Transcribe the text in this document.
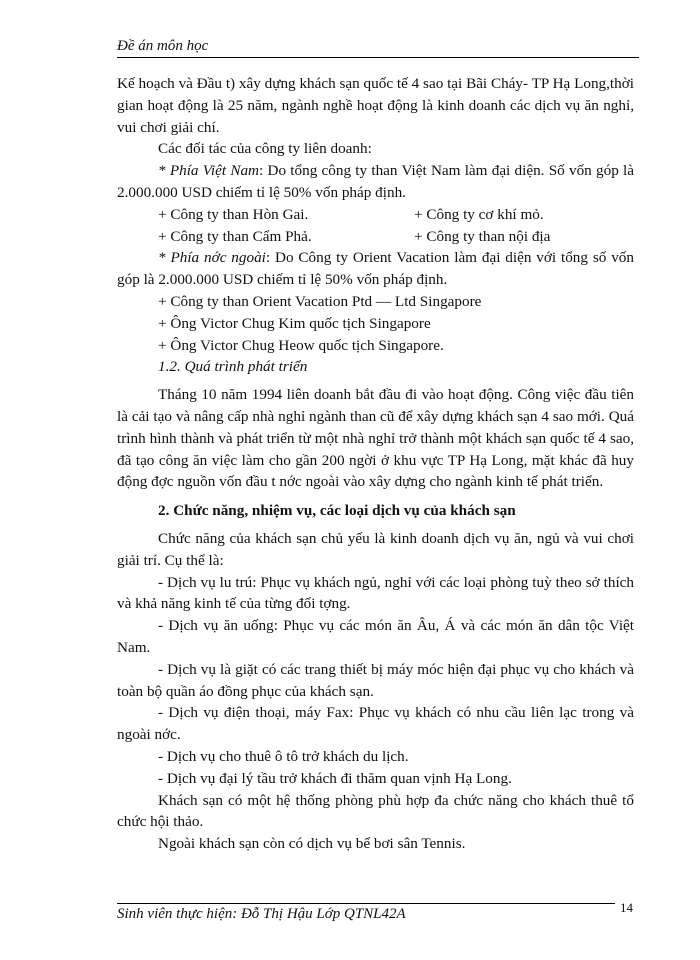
Đề án môn học

Kế hoạch và Đầu t) xây dựng khách sạn quốc tế 4 sao tại Bãi Cháy- TP Hạ Long,thời gian hoạt động là 25 năm, ngành nghề hoạt động là kinh doanh các dịch vụ ăn nghỉ, vui chơi giải chí.

Các đối tác của công ty liên doanh:

* Phía Việt Nam: Do tổng công ty than Việt Nam làm đại diện. Số vốn góp là 2.000.000 USD chiếm tỉ lệ 50% vốn pháp định.

+ Công ty than Hòn Gai.	+ Công ty cơ khí mỏ.
+ Công ty than Cẩm Phả.	+ Công ty than nội địa

* Phía nớc ngoài: Do Công ty Orient Vacation làm đại diện với tổng số vốn góp là 2.000.000 USD chiếm tỉ lệ 50% vốn pháp định.

+ Công ty than Orient Vacation Ptd — Ltd Singapore

+ Ông Victor Chug Kim quốc tịch Singapore

+ Ông Victor Chug Heow quốc tịch Singapore.

1.2. Quá trình phát triển

Tháng 10 năm 1994 liên doanh bắt đầu đi vào hoạt động. Công việc đầu tiên là cải tạo và nâng cấp nhà nghỉ ngành than cũ để xây dựng khách sạn 4 sao mới. Quá trình hình thành và phát triển từ một nhà nghỉ trở thành một khách sạn quốc tế 4 sao, đã tạo công ăn việc làm cho gần 200 ngời ở khu vực TP Hạ Long, mặt khác đã huy động đợc nguồn vốn đầu t nớc ngoài vào xây dựng cho ngành kinh tế phát triển.

2. Chức năng, nhiệm vụ, các loại dịch vụ của khách sạn

Chức năng của khách sạn chủ yếu là kinh doanh dịch vụ ăn, ngủ và vui chơi giải trí. Cụ thể là:

- Dịch vụ lu trú: Phục vụ khách ngủ, nghỉ với các loại phòng tuỳ theo sở thích và khả năng kinh tế của từng đối tợng.

- Dịch vụ ăn uống: Phục vụ các món ăn Âu, Á và các món ăn dân tộc Việt Nam.

- Dịch vụ là giặt có các trang thiết bị máy móc hiện đại phục vụ cho khách và toàn bộ quần áo đồng phục của khách sạn.

- Dịch vụ điện thoại, máy Fax: Phục vụ khách có nhu cầu liên lạc trong và ngoài nớc.

- Dịch vụ cho thuê ô tô trở khách du lịch.

- Dịch vụ đại lý tầu trở khách đi thăm quan vịnh Hạ Long.

Khách sạn có một hệ thống phòng phù hợp đa chức năng cho khách thuê tổ chức hội thảo.

Ngoài khách sạn còn có dịch vụ bể bơi sân Tennis.

Sinh viên thực hiện: Đỗ Thị Hậu Lớp QTNL42A	14
